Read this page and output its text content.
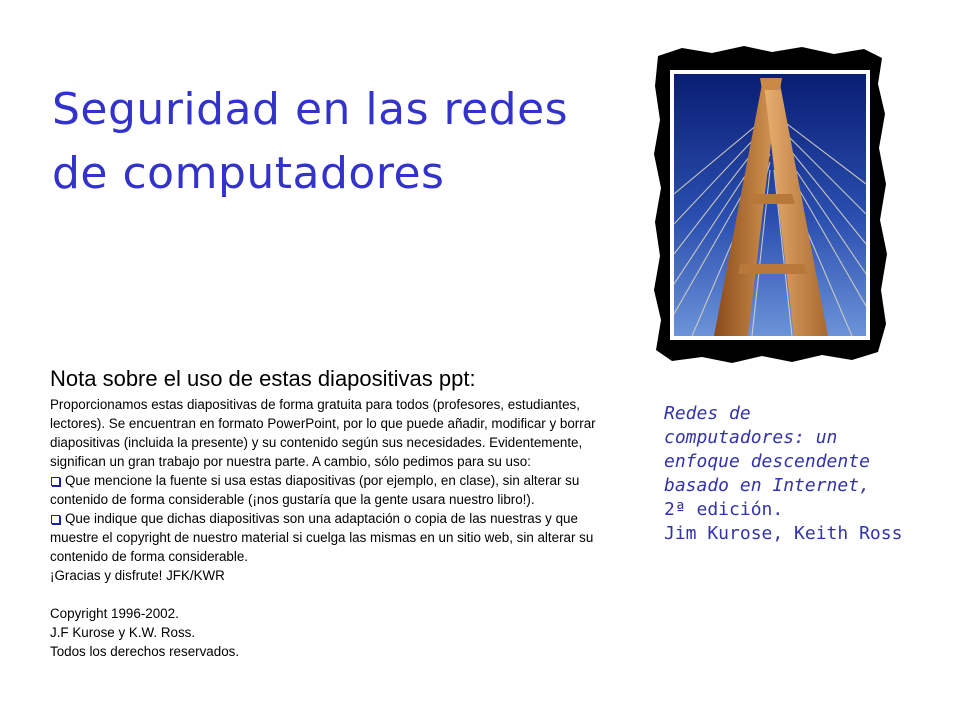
Seguridad en las redes
de computadores
Nota sobre el uso de estas diapositivas ppt:

Proporcionamos estas diapositivas de forma gratuita para todos (profesores, estudiantes, lectores). Se encuentran en formato PowerPoint, por lo que puede añadir, modificar y borrar diapositivas (incluida la presente) y su contenido según sus necesidades. Evidentemente, significan un gran trabajo por nuestra parte. A cambio, sólo pedimos para su uso:

Que mencione la fuente si usa estas diapositivas (por ejemplo, en clase), sin alterar su contenido de forma considerable (¡nos gustaría que la gente usara nuestro libro!).

Que indique que dichas diapositivas son una adaptación o copia de las nuestras y que muestre el copyright de nuestro material si cuelga las mismas en un sitio web, sin alterar su contenido de forma considerable.

¡Gracias y disfrute! JFK/KWR

Copyright 1996-2002.

J.F Kurose y K.W. Ross.

Todos los derechos reservados.

Redes de
computadores: un
enfoque descendente
basado en Internet,
2ª edición.
Jim Kurose, Keith Ross
